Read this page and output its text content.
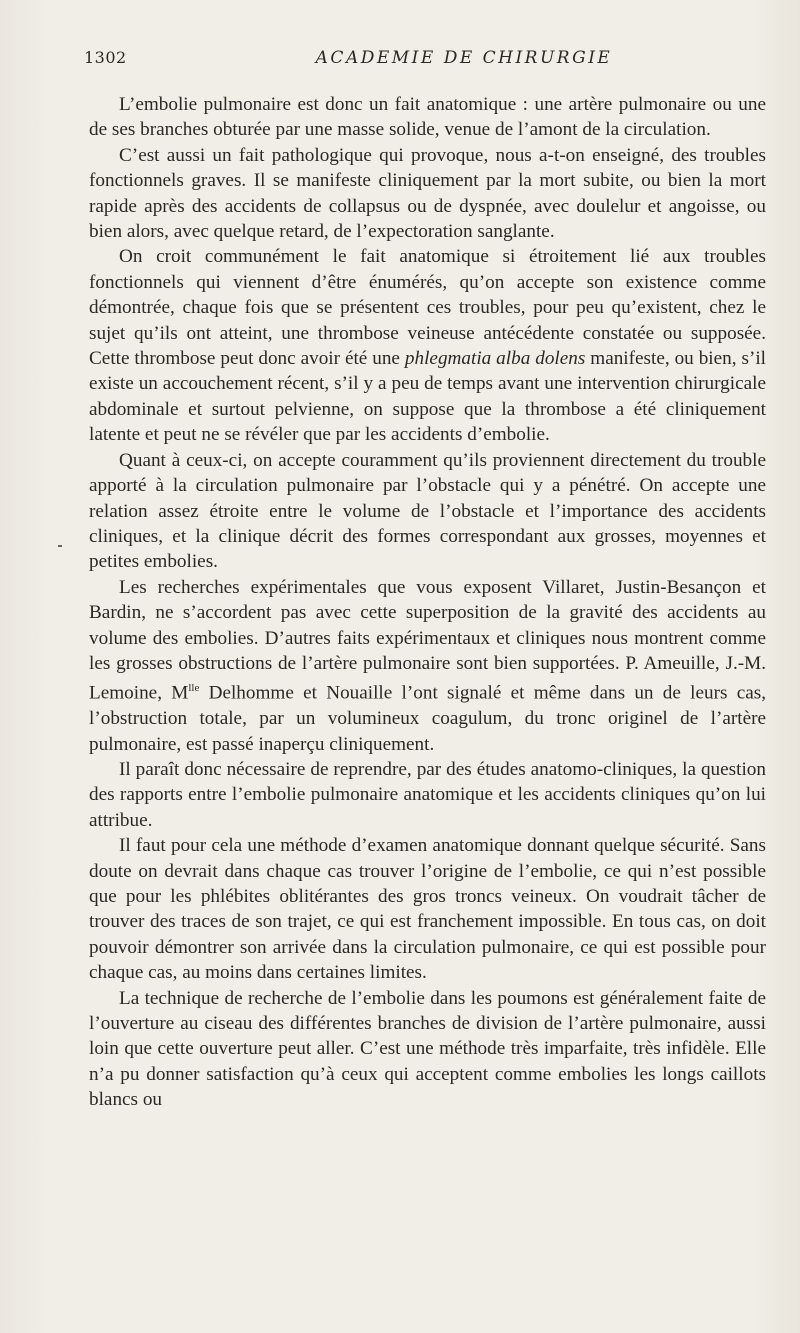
1302	ACADEMIE DE CHIRURGIE

L’embolie pulmonaire est donc un fait anatomique : une artère pulmonaire ou une de ses branches obturée par une masse solide, venue de l’amont de la circulation.

C’est aussi un fait pathologique qui provoque, nous a-t-on enseigné, des troubles fonctionnels graves. Il se manifeste cliniquement par la mort subite, ou bien la mort rapide après des accidents de collapsus ou de dyspnée, avec doulelur et angoisse, ou bien alors, avec quelque retard, de l’expectoration sanglante.

On croit communément le fait anatomique si étroitement lié aux troubles fonctionnels qui viennent d’être énumérés, qu’on accepte son existence comme démontrée, chaque fois que se présentent ces troubles, pour peu qu’existent, chez le sujet qu’ils ont atteint, une thrombose veineuse antécédente constatée ou supposée. Cette thrombose peut donc avoir été une phlegmatia alba dolens manifeste, ou bien, s’il existe un accouchement récent, s’il y a peu de temps avant une intervention chirurgicale abdominale et surtout pelvienne, on suppose que la thrombose a été cliniquement latente et peut ne se révéler que par les accidents d’embolie.

Quant à ceux-ci, on accepte couramment qu’ils proviennent directement du trouble apporté à la circulation pulmonaire par l’obstacle qui y a pénétré. On accepte une relation assez étroite entre le volume de l’obstacle et l’importance des accidents cliniques, et la clinique décrit des formes correspondant aux grosses, moyennes et petites embolies.

Les recherches expérimentales que vous exposent Villaret, Justin-Besançon et Bardin, ne s’accordent pas avec cette superposition de la gravité des accidents au volume des embolies. D’autres faits expérimentaux et cliniques nous montrent comme les grosses obstructions de l’artère pulmonaire sont bien supportées. P. Ameuille, J.-M. Lemoine, $M^{lle}$ Delhomme et Nouaille l’ont signalé et même dans un de leurs cas, l’obstruction totale, par un volumineux coagulum, du tronc originel de l’artère pulmonaire, est passé inaperçu cliniquement.

Il paraît donc nécessaire de reprendre, par des études anatomo-cliniques, la question des rapports entre l’embolie pulmonaire anatomique et les accidents cliniques qu’on lui attribue.

Il faut pour cela une méthode d’examen anatomique donnant quelque sécurité. Sans doute on devrait dans chaque cas trouver l’origine de l’embolie, ce qui n’est possible que pour les phlébites oblitérantes des gros troncs veineux. On voudrait tâcher de trouver des traces de son trajet, ce qui est franchement impossible. En tous cas, on doit pouvoir démontrer son arrivée dans la circulation pulmonaire, ce qui est possible pour chaque cas, au moins dans certaines limites.

La technique de recherche de l’embolie dans les poumons est généralement faite de l’ouverture au ciseau des différentes branches de division de l’artère pulmonaire, aussi loin que cette ouverture peut aller. C’est une méthode très imparfaite, très infidèle. Elle n’a pu donner satisfaction qu’à ceux qui acceptent comme embolies les longs caillots blancs ou
